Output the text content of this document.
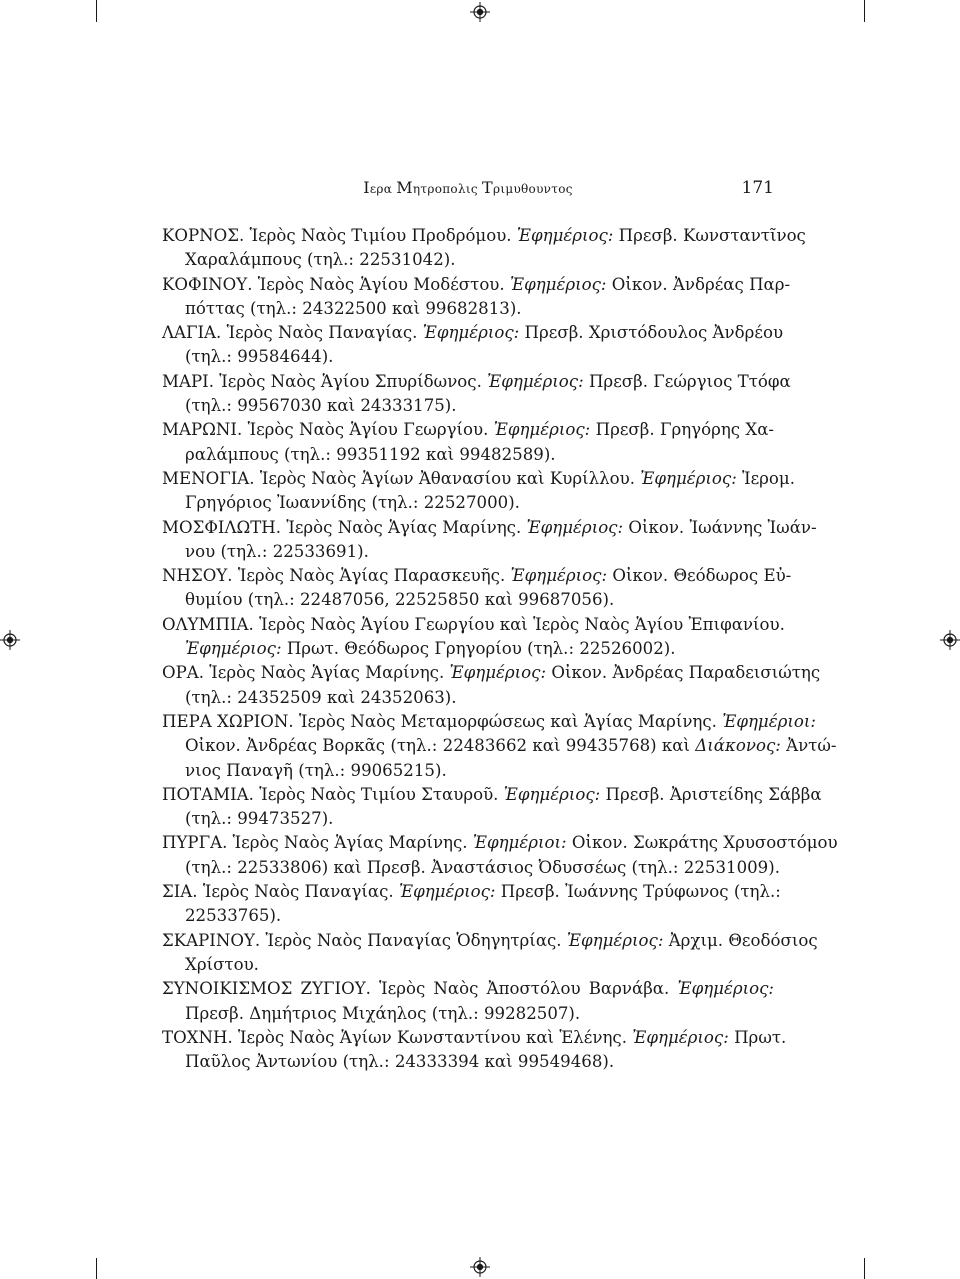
Ιερα Μητροπολις Τριμυθουντος	171

ΚΟΡΝΟΣ. Ἱερὸς Ναὸς Τιμίου Προδρόμου. Ἐφημέριος: Πρεσβ. Κωνσταντῖνος
Χαραλάμπους (τηλ.: 22531042).

ΚΟΦΙΝΟΥ. Ἱερὸς Ναὸς Ἁγίου Μοδέστου. Ἐφημέριος: Οἰκον. Ἀνδρέας Παρ-
πόττας (τηλ.: 24322500 καὶ 99682813).

ΛΑΓΙΑ. Ἱερὸς Ναὸς Παναγίας. Ἐφημέριος: Πρεσβ. Χριστόδουλος Ἀνδρέου
(τηλ.: 99584644).

ΜΑΡΙ. Ἱερὸς Ναὸς Ἁγίου Σπυρίδωνος. Ἐφημέριος: Πρεσβ. Γεώργιος Ττόφα
(τηλ.: 99567030 καὶ 24333175).

ΜΑΡΩΝΙ. Ἱερὸς Ναὸς Ἁγίου Γεωργίου. Ἐφημέριος: Πρεσβ. Γρηγόρης Χα-
ραλάμπους (τηλ.: 99351192 καὶ 99482589).

ΜΕΝΟΓΙΑ. Ἱερὸς Ναὸς Ἁγίων Ἀθανασίου καὶ Κυρίλλου. Ἐφημέριος: Ἱερομ.
Γρηγόριος Ἰωαννίδης (τηλ.: 22527000).

ΜΟΣΦΙΛΩΤΗ. Ἱερὸς Ναὸς Ἁγίας Μαρίνης. Ἐφημέριος: Οἰκον. Ἰωάννης Ἰωάν-
νου (τηλ.: 22533691).

ΝΗΣΟΥ. Ἱερὸς Ναὸς Ἁγίας Παρασκευῆς. Ἐφημέριος: Οἰκον. Θεόδωρος Εὐ-
θυμίου (τηλ.: 22487056, 22525850 καὶ 99687056).

ΟΛΥΜΠΙΑ. Ἱερὸς Ναὸς Ἁγίου Γεωργίου καὶ Ἱερὸς Ναὸς Ἁγίου Ἐπιφανίου.
Ἐφημέριος: Πρωτ. Θεόδωρος Γρηγορίου (τηλ.: 22526002).

ΟΡΑ. Ἱερὸς Ναὸς Ἁγίας Μαρίνης. Ἐφημέριος: Οἰκον. Ἀνδρέας Παραδεισιώτης
(τηλ.: 24352509 καὶ 24352063).

ΠΕΡΑ ΧΩΡΙΟΝ. Ἱερὸς Ναὸς Μεταμορφώσεως καὶ Ἁγίας Μαρίνης. Ἐφημέριοι:
Οἰκον. Ἀνδρέας Βορκᾶς (τηλ.: 22483662 καὶ 99435768) καὶ Διάκονος: Ἀντώ-
νιος Παναγῆ (τηλ.: 99065215).

ΠΟΤΑΜΙΑ. Ἱερὸς Ναὸς Τιμίου Σταυροῦ. Ἐφημέριος: Πρεσβ. Ἀριστείδης Σάββα
(τηλ.: 99473527).

ΠΥΡΓΑ. Ἱερὸς Ναὸς Ἁγίας Μαρίνης. Ἐφημέριοι: Οἰκον. Σωκράτης Χρυσοστόμου
(τηλ.: 22533806) καὶ Πρεσβ. Ἀναστάσιος Ὀδυσσέως (τηλ.: 22531009).

ΣΙΑ. Ἱερὸς Ναὸς Παναγίας. Ἐφημέριος: Πρεσβ. Ἰωάννης Τρύφωνος (τηλ.:
22533765).

ΣΚΑΡΙΝΟΥ. Ἱερὸς Ναὸς Παναγίας Ὁδηγητρίας. Ἐφημέριος: Ἀρχιμ. Θεοδόσιος
Χρίστου.

ΣΥΝΟΙΚΙΣΜΟΣ ΖΥΓΙΟΥ. Ἱερὸς Ναὸς Ἀποστόλου Βαρνάβα. Ἐφημέριος:
Πρεσβ. Δημήτριος Μιχάηλος (τηλ.: 99282507).

ΤΟΧΝΗ. Ἱερὸς Ναὸς Ἁγίων Κωνσταντίνου καὶ Ἑλένης. Ἐφημέριος: Πρωτ.
Παῦλος Ἀντωνίου (τηλ.: 24333394 καὶ 99549468).
